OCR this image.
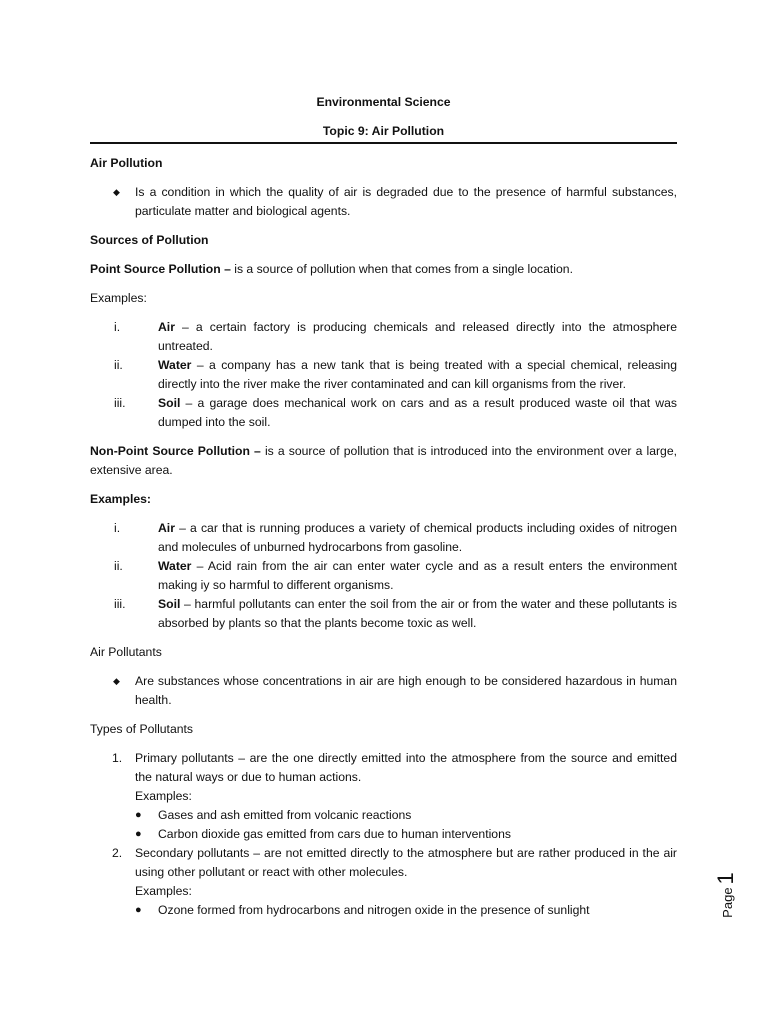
Environmental Science

Topic 9: Air Pollution

Air Pollution

◆	Is a condition in which the quality of air is degraded due to the presence of harmful substances, particulate matter and biological agents.

Sources of Pollution

Point Source Pollution – is a source of pollution when that comes from a single location.

Examples:

i.	Air – a certain factory is producing chemicals and released directly into the atmosphere untreated.
ii.	Water – a company has a new tank that is being treated with a special chemical, releasing directly into the river make the river contaminated and can kill organisms from the river.
iii.	Soil – a garage does mechanical work on cars and as a result produced waste oil that was dumped into the soil.

Non-Point Source Pollution – is a source of pollution that is introduced into the environment over a large, extensive area.

Examples:

i.	Air – a car that is running produces a variety of chemical products including oxides of nitrogen and molecules of unburned hydrocarbons from gasoline.
ii.	Water – Acid rain from the air can enter water cycle and as a result enters the environment making iy so harmful to different organisms.
iii.	Soil – harmful pollutants can enter the soil from the air or from the water and these pollutants is absorbed by plants so that the plants become toxic as well.

Air Pollutants

◆	Are substances whose concentrations in air are high enough to be considered hazardous in human health.

Types of Pollutants

1.	Primary pollutants – are the one directly emitted into the atmosphere from the source and emitted the natural ways or due to human actions.
Examples:
●	Gases and ash emitted from volcanic reactions
●	Carbon dioxide gas emitted from cars due to human interventions
2.	Secondary pollutants – are not emitted directly to the atmosphere but are rather produced in the air using other pollutant or react with other molecules.
Examples:
●	Ozone formed from hydrocarbons and nitrogen oxide in the presence of sunlight	Page
1
